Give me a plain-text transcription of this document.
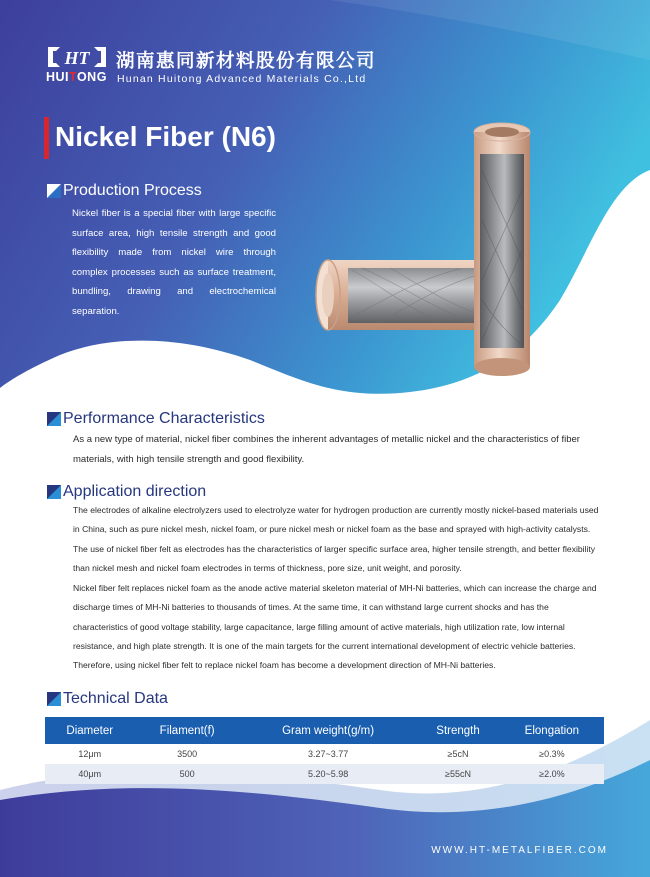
HT
HUITONG
湖南惠同新材料股份有限公司
Hunan Huitong Advanced Materials Co.,Ltd
Nickel Fiber (N6)
Production Process

Nickel fiber is a special fiber with large specific surface area, high tensile strength and good flexibility made from nickel wire through complex processes such as surface treatment, bundling, drawing and electrochemical separation.

Performance Characteristics

As a new type of material, nickel fiber combines the inherent advantages of metallic nickel and the characteristics of fiber materials, with high tensile strength and good flexibility.

Application direction

The electrodes of alkaline electrolyzers used to electrolyze water for hydrogen production are currently mostly nickel-based materials used in China, such as pure nickel mesh, nickel foam, or pure nickel mesh or nickel foam as the base and sprayed with high-activity catalysts. The use of nickel fiber felt as electrodes has the characteristics of larger specific surface area, higher tensile strength, and better flexibility than nickel mesh and nickel foam electrodes in terms of thickness, pore size, unit weight, and porosity.

Nickel fiber felt replaces nickel foam as the anode active material skeleton material of MH-Ni batteries, which can increase the charge and discharge times of MH-Ni batteries to thousands of times. At the same time, it can withstand large current shocks and has the characteristics of good voltage stability, large capacitance, large filling amount of active materials, high utilization rate, low internal resistance, and high plate strength. It is one of the main targets for the current international development of electric vehicle batteries. Therefore, using nickel fiber felt to replace nickel foam has become a development direction of MH-Ni batteries.

Technical Data
Diameter	Filament(f)	Gram weight(g/m)	Strength	Elongation
12μm	3500	3.27~3.77	≥5cN	≥0.3%
40μm	500	5.20~5.98	≥55cN	≥2.0%
WWW.HT-METALFIBER.COM
